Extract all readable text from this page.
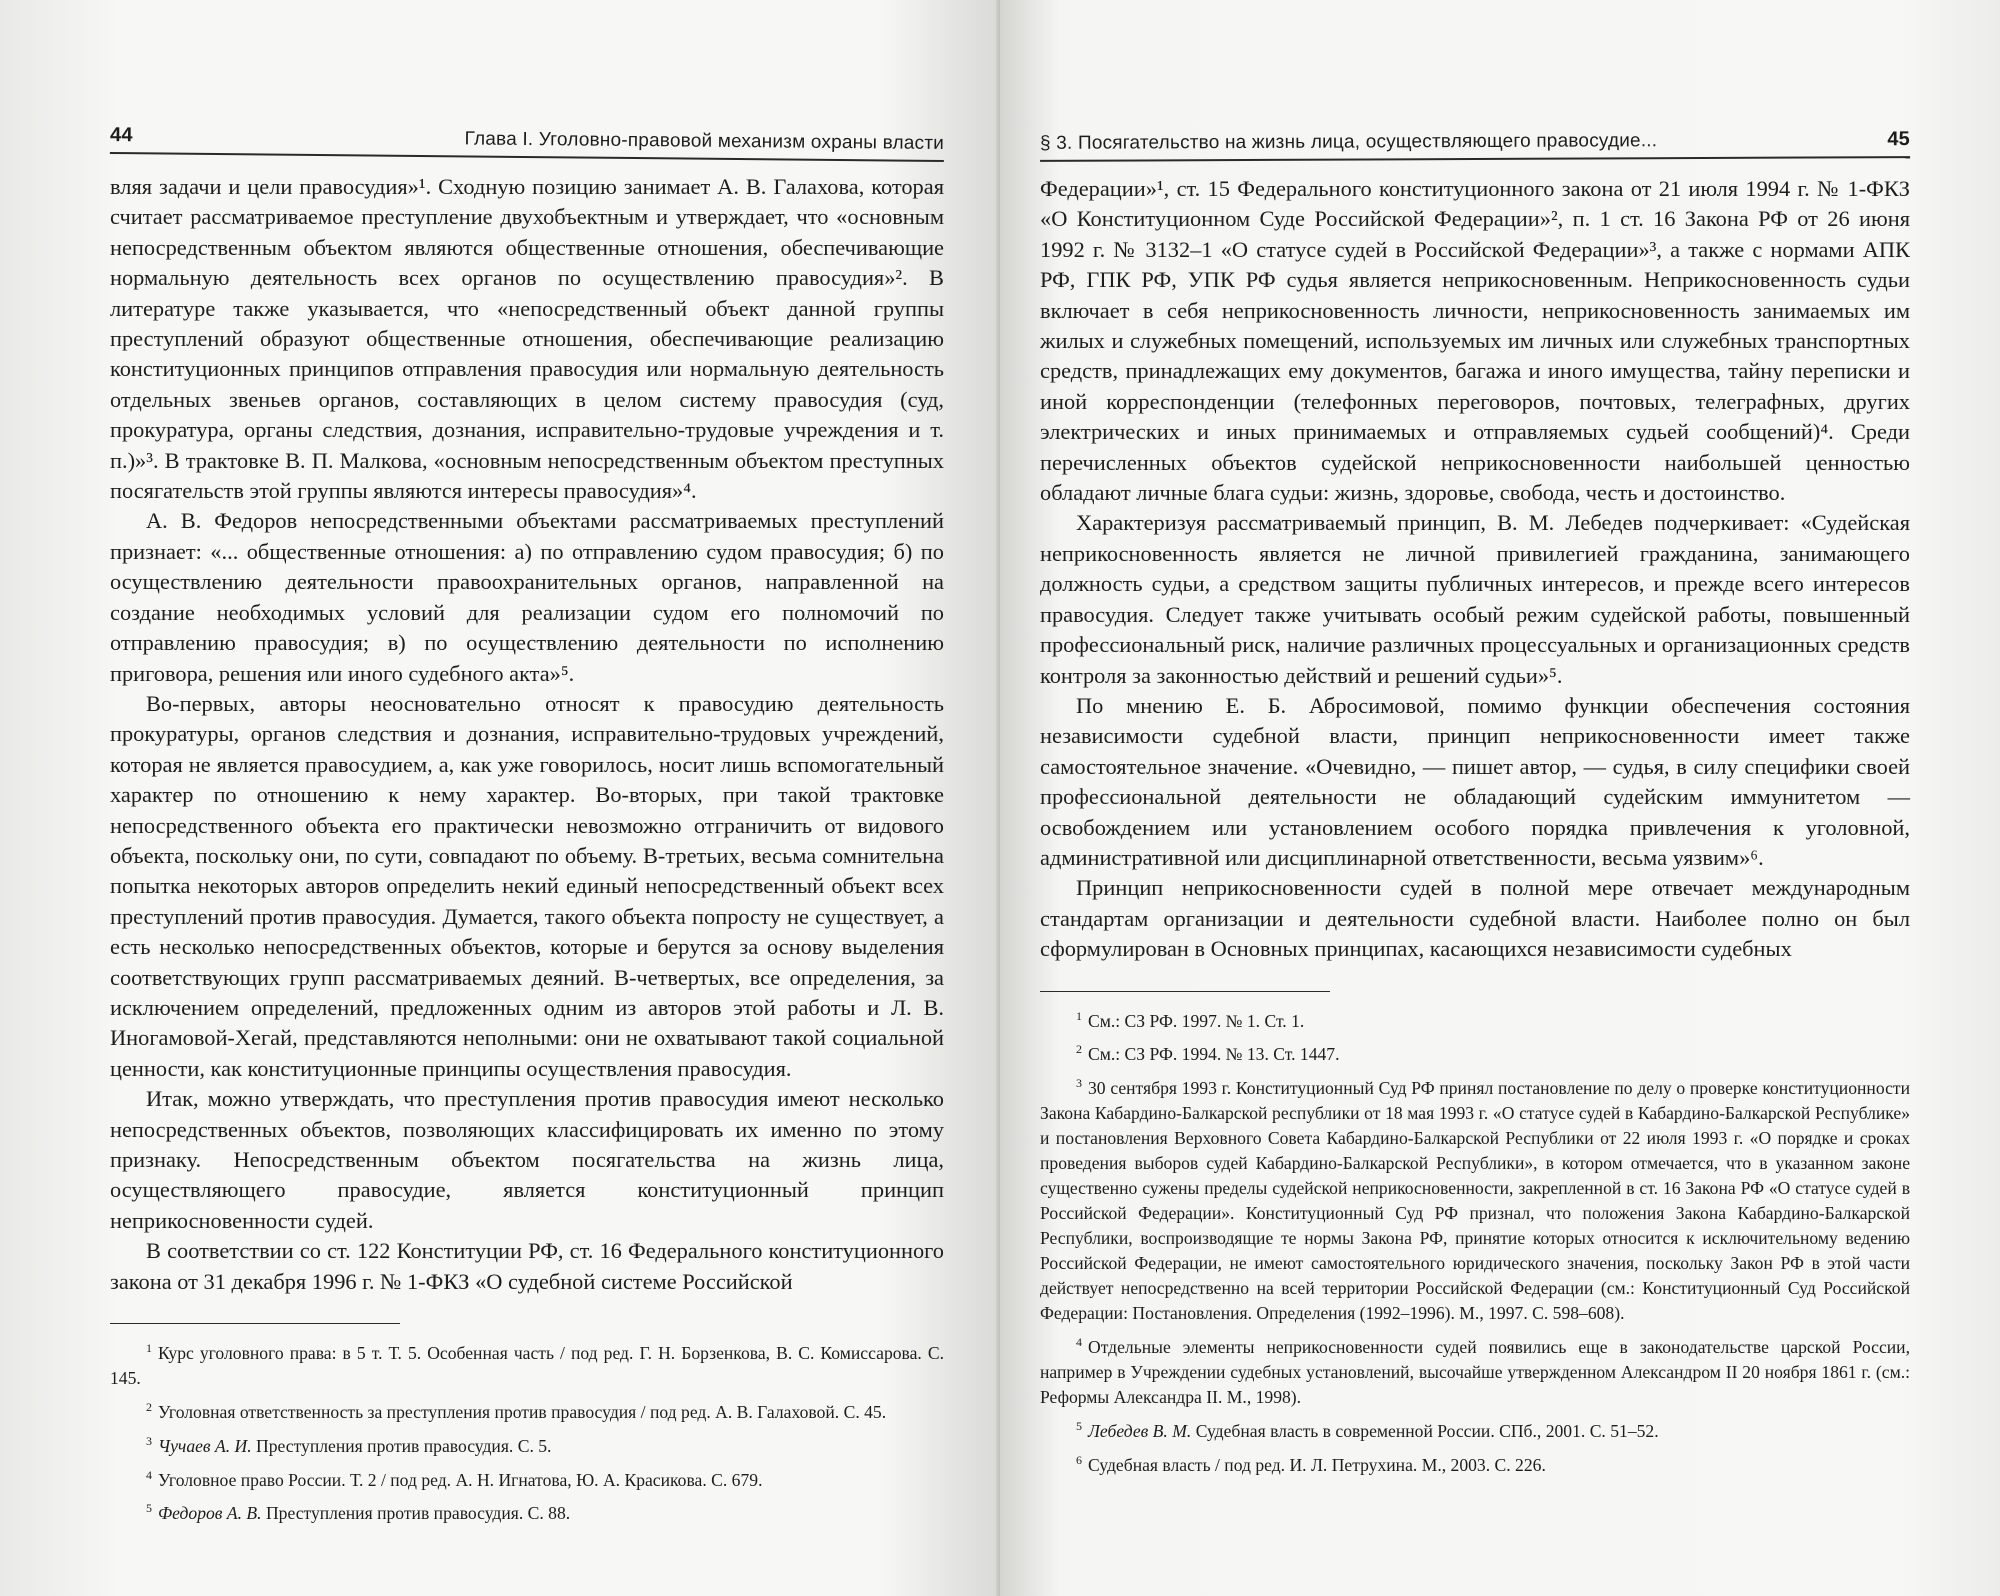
44	Глава I. Уголовно-правовой механизм охраны власти

вляя задачи и цели правосудия»¹. Сходную позицию занимает А. В. Галахова, которая считает рассматриваемое преступление двухобъектным и утверждает, что «основным непосредственным объектом являются общественные отношения, обеспечивающие нормальную деятельность всех органов по осуществлению правосудия»². В литературе также указывается, что «непосредственный объект данной группы преступлений образуют общественные отношения, обеспечивающие реализацию конституционных принципов отправления правосудия или нормальную деятельность отдельных звеньев органов, составляющих в целом систему правосудия (суд, прокуратура, органы следствия, дознания, исправительно-трудовые учреждения и т. п.)»³. В трактовке В. П. Малкова, «основным непосредственным объектом преступных посягательств этой группы являются интересы правосудия»⁴.

А. В. Федоров непосредственными объектами рассматриваемых преступлений признает: «... общественные отношения: а) по отправлению судом правосудия; б) по осуществлению деятельности правоохранительных органов, направленной на создание необходимых условий для реализации судом его полномочий по отправлению правосудия; в) по осуществлению деятельности по исполнению приговора, решения или иного судебного акта»⁵.

Во-первых, авторы неосновательно относят к правосудию деятельность прокуратуры, органов следствия и дознания, исправительно-трудовых учреждений, которая не является правосудием, а, как уже говорилось, носит лишь вспомогательный характер по отношению к нему характер. Во-вторых, при такой трактовке непосредственного объекта его практически невозможно отграничить от видового объекта, поскольку они, по сути, совпадают по объему. В-третьих, весьма сомнительна попытка некоторых авторов определить некий единый непосредственный объект всех преступлений против правосудия. Думается, такого объекта попросту не существует, а есть несколько непосредственных объектов, которые и берутся за основу выделения соответствующих групп рассматриваемых деяний. В-четвертых, все определения, за исключением определений, предложенных одним из авторов этой работы и Л. В. Иногамовой-Хегай, представляются неполными: они не охватывают такой социальной ценности, как конституционные принципы осуществления правосудия.

Итак, можно утверждать, что преступления против правосудия имеют несколько непосредственных объектов, позволяющих классифицировать их именно по этому признаку. Непосредственным объектом посягательства на жизнь лица, осуществляющего правосудие, является конституционный принцип неприкосновенности судей.

В соответствии со ст. 122 Конституции РФ, ст. 16 Федерального конституционного закона от 31 декабря 1996 г. № 1-ФКЗ «О судебной системе Российской

$^1$ Курс уголовного права: в 5 т. Т. 5. Особенная часть / под ред. Г. Н. Борзенкова, В. С. Комиссарова. С. 145.

$^2$ Уголовная ответственность за преступления против правосудия / под ред. А. В. Галаховой. С. 45.

$^3$ Чучаев А. И. Преступления против правосудия. С. 5.

$^4$ Уголовное право России. Т. 2 / под ред. А. Н. Игнатова, Ю. А. Красикова. С. 679.

$^5$ Федоров А. В. Преступления против правосудия. С. 88.

§ 3. Посягательство на жизнь лица, осуществляющего правосудие...	45

Федерации»¹, ст. 15 Федерального конституционного закона от 21 июля 1994 г. № 1-ФКЗ «О Конституционном Суде Российской Федерации»², п. 1 ст. 16 Закона РФ от 26 июня 1992 г. № 3132–1 «О статусе судей в Российской Федерации»³, а также с нормами АПК РФ, ГПК РФ, УПК РФ судья является неприкосновенным. Неприкосновенность судьи включает в себя неприкосновенность личности, неприкосновенность занимаемых им жилых и служебных помещений, используемых им личных или служебных транспортных средств, принадлежащих ему документов, багажа и иного имущества, тайну переписки и иной корреспонденции (телефонных переговоров, почтовых, телеграфных, других электрических и иных принимаемых и отправляемых судьей сообщений)⁴. Среди перечисленных объектов судейской неприкосновенности наибольшей ценностью обладают личные блага судьи: жизнь, здоровье, свобода, честь и достоинство.

Характеризуя рассматриваемый принцип, В. М. Лебедев подчеркивает: «Судейская неприкосновенность является не личной привилегией гражданина, занимающего должность судьи, а средством защиты публичных интересов, и прежде всего интересов правосудия. Следует также учитывать особый режим судейской работы, повышенный профессиональный риск, наличие различных процессуальных и организационных средств контроля за законностью действий и решений судьи»⁵.

По мнению Е. Б. Абросимовой, помимо функции обеспечения состояния независимости судебной власти, принцип неприкосновенности имеет также самостоятельное значение. «Очевидно, — пишет автор, — судья, в силу специфики своей профессиональной деятельности не обладающий судейским иммунитетом — освобождением или установлением особого порядка привлечения к уголовной, административной или дисциплинарной ответственности, весьма уязвим»⁶.

Принцип неприкосновенности судей в полной мере отвечает международным стандартам организации и деятельности судебной власти. Наиболее полно он был сформулирован в Основных принципах, касающихся независимости судебных

$^1$ См.: СЗ РФ. 1997. № 1. Ст. 1.

$^2$ См.: СЗ РФ. 1994. № 13. Ст. 1447.

$^3$ 30 сентября 1993 г. Конституционный Суд РФ принял постановление по делу о проверке конституционности Закона Кабардино-Балкарской республики от 18 мая 1993 г. «О статусе судей в Кабардино-Балкарской Республике» и постановления Верховного Совета Кабардино-Балкарской Республики от 22 июля 1993 г. «О порядке и сроках проведения выборов судей Кабардино-Балкарской Республики», в котором отмечается, что в указанном законе существенно сужены пределы судейской неприкосновенности, закрепленной в ст. 16 Закона РФ «О статусе судей в Российской Федерации». Конституционный Суд РФ признал, что положения Закона Кабардино-Балкарской Республики, воспроизводящие те нормы Закона РФ, принятие которых относится к исключительному ведению Российской Федерации, не имеют самостоятельного юридического значения, поскольку Закон РФ в этой части действует непосредственно на всей территории Российской Федерации (см.: Конституционный Суд Российской Федерации: Постановления. Определения (1992–1996). М., 1997. С. 598–608).

$^4$ Отдельные элементы неприкосновенности судей появились еще в законодательстве царской России, например в Учреждении судебных установлений, высочайше утвержденном Александром II 20 ноября 1861 г. (см.: Реформы Александра II. М., 1998).

$^5$ Лебедев В. М. Судебная власть в современной России. СПб., 2001. С. 51–52.

$^6$ Судебная власть / под ред. И. Л. Петрухина. М., 2003. С. 226.
